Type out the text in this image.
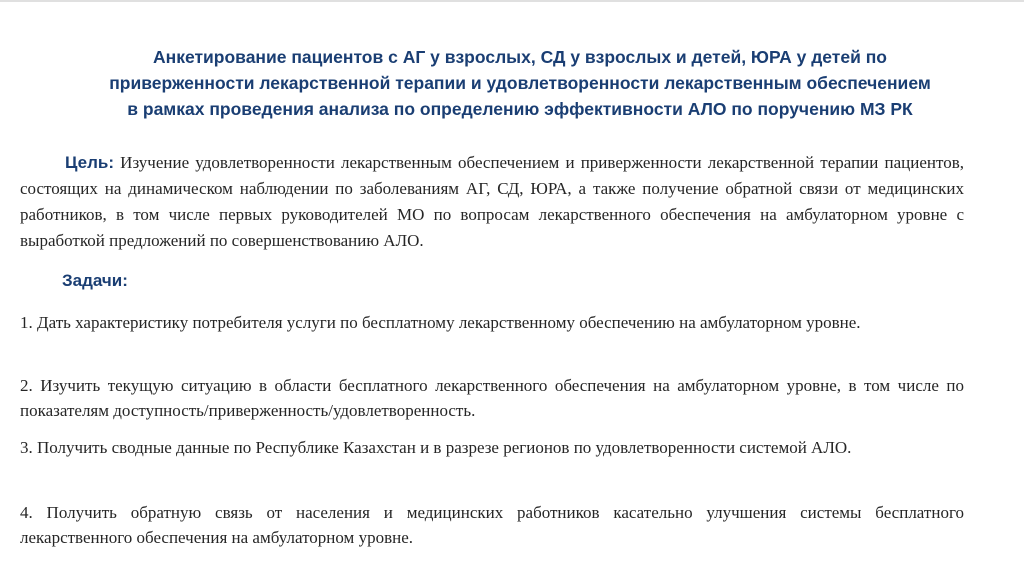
Анкетирование пациентов с АГ у взрослых, СД у взрослых и детей, ЮРА у детей по
приверженности лекарственной терапии и удовлетворенности лекарственным обеспечением
в рамках проведения анализа по определению эффективности АЛО по поручению МЗ РК
Цель: Изучение удовлетворенности лекарственным обеспечением и приверженности лекарственной терапии пациентов, состоящих на динамическом наблюдении по заболеваниям АГ, СД, ЮРА, а также получение обратной связи от медицинских работников, в том числе первых руководителей МО по вопросам лекарственного обеспечения на амбулаторном уровне с выработкой предложений по совершенствованию АЛО.
Задачи:
1. Дать характеристику потребителя услуги по бесплатному лекарственному обеспечению на амбулаторном уровне.
2. Изучить текущую ситуацию в области бесплатного лекарственного обеспечения на амбулаторном уровне, в том числе по показателям доступность/приверженность/удовлетворенность.
3. Получить сводные данные по Республике Казахстан и в разрезе регионов по удовлетворенности системой АЛО.
4. Получить обратную связь от населения и медицинских работников касательно улучшения системы бесплатного лекарственного обеспечения на амбулаторном уровне.
